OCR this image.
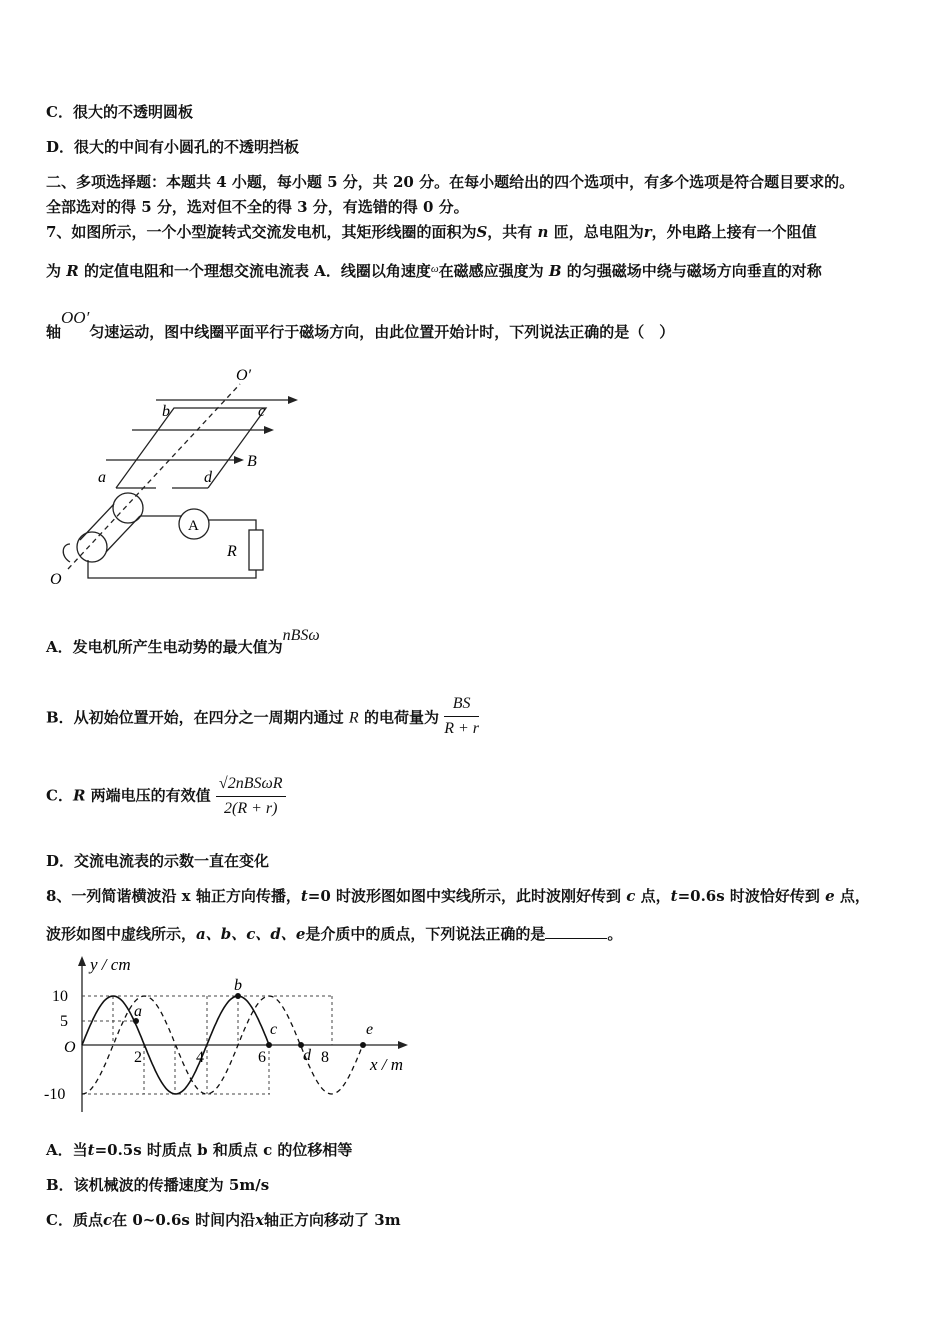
C．很大的不透明圆板
D．很大的中间有小圆孔的不透明挡板
二、多项选择题：本题共 4 小题，每小题 5 分，共 20 分。在每小题给出的四个选项中，有多个选项是符合题目要求的。
全部选对的得 5 分，选对但不全的得 3 分，有选错的得 0 分。
7、如图所示，一个小型旋转式交流发电机，其矩形线圈的面积为S，共有 n 匝，总电阻为r，外电路上接有一个阻值
为 R 的定值电阻和一个理想交流电流表 A．线圈以角速度$^\omega$在磁感应强度为 B 的匀强磁场中绕与磁场方向垂直的对称
轴OO′匀速运动，图中线圈平面平行于磁场方向，由此位置开始计时，下列说法正确的是（　）
O′
b	c
B
a	d
A
R
O
A．发电机所产生电动势的最大值为nBSω
B．从初始位置开始，在四分之一周期内通过 R 的电荷量为 $\frac{BS}{R + r}$
C．R 两端电压的有效值 $\frac{\text{√2nBSωR}}{2(R + r)}$
D．交流电流表的示数一直在变化
8、一列简谐横波沿 x 轴正方向传播，t=0 时波形图如图中实线所示，此时波刚好传到 c 点，t=0.6s 时波恰好传到 e 点，
波形如图中虚线所示，a、b、c、d、e是介质中的质点，下列说法正确的是	。
y / cm
x / m
10
5
-10
O
2	4	6	8
a
b
c
d
e
A．当t=0.5s 时质点 b 和质点 c 的位移相等
B．该机械波的传播速度为 5m/s
C．质点c在 0~0.6s 时间内沿x轴正方向移动了 3m
